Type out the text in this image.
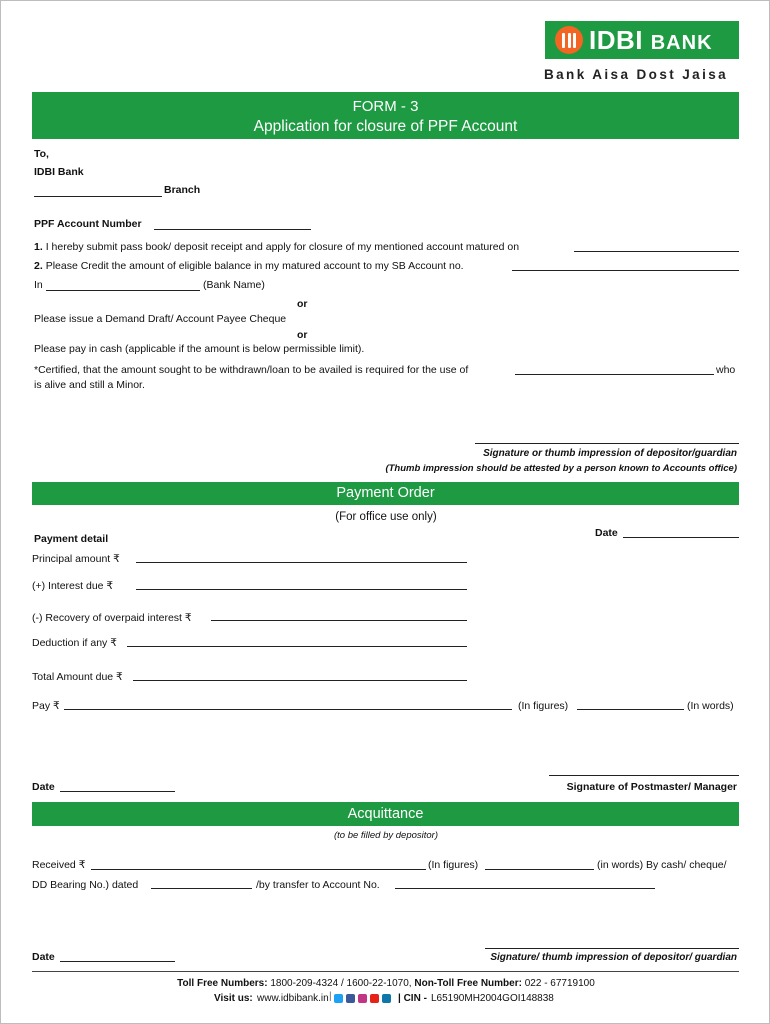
IDBI BANK
Bank Aisa Dost Jaisa
FORM - 3
Application for closure of PPF Account
To,
IDBI Bank
Branch
PPF Account Number
1. I hereby submit pass book/ deposit receipt and apply for closure of my mentioned account matured on
2. Please Credit the amount of eligible balance in my matured account to my SB Account no.
In	(Bank Name)
or
Please issue a Demand Draft/ Account Payee Cheque
or
Please pay in cash (applicable if the amount is below permissible limit).
*Certified, that the amount sought to be withdrawn/loan to be availed is required for the use of	who
is alive and still a Minor.
Signature or thumb impression of depositor/guardian
(Thumb impression should be attested by a person known to Accounts office)
Payment Order
(For office use only)
Date
Payment detail
Principal amount ₹
(+) Interest due ₹
(-) Recovery of overpaid interest ₹
Deduction if any ₹
Total Amount due ₹
Pay ₹	(In figures)	(In words)
Date	Signature of Postmaster/ Manager
Acquittance
(to be filled by depositor)
Received ₹	(In figures)	(in words) By cash/ cheque/
DD Bearing No.) dated	/by transfer to Account No.
Date	Signature/ thumb impression of depositor/ guardian
Toll Free Numbers: 1800-209-4324 / 1600-22-1070, Non-Toll Free Number: 022 - 67719100
Visit us: www.idbibank.in |	| CIN - L65190MH2004GOI148838
